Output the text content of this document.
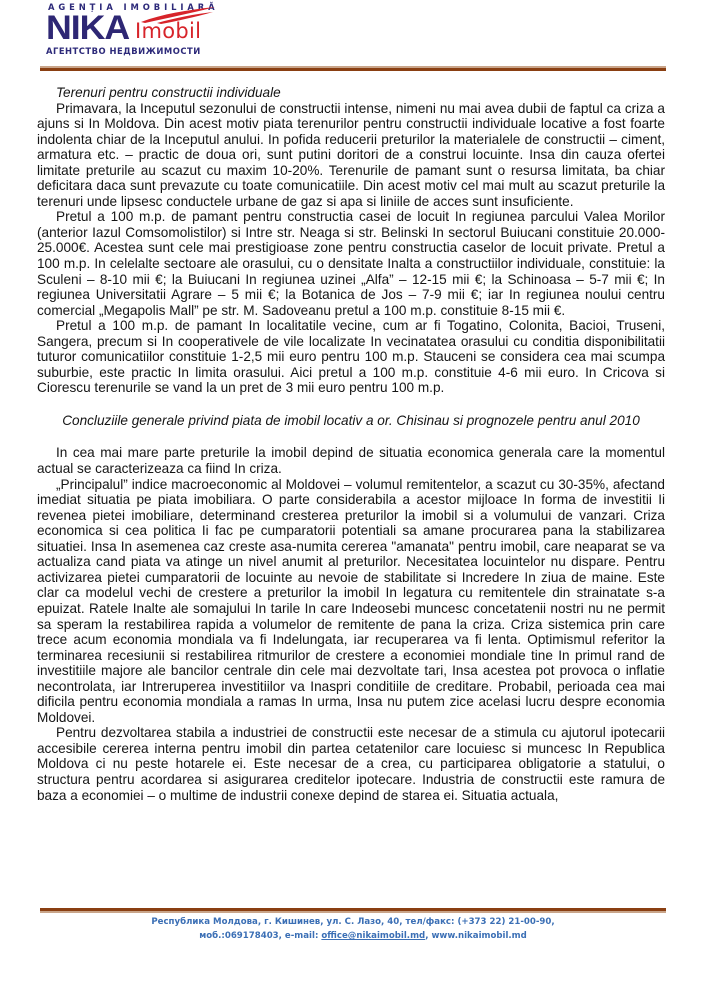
AGENȚIA IMOBILIARĂ
NIKA Imobil
АГЕНТСТВО НЕДВИЖИМОСТИ

Terenuri pentru constructii individuale

Primavara, la Inceputul sezonului de constructii intense, nimeni nu mai avea dubii de faptul ca criza a ajuns si In Moldova. Din acest motiv piata terenurilor pentru constructii individuale locative a fost foarte indolenta chiar de la Inceputul anului. In pofida reducerii preturilor la materialele de constructii – ciment, armatura etc. – practic de doua ori, sunt putini doritori de a construi locuinte. Insa din cauza ofertei limitate preturile au scazut cu maxim 10-20%. Terenurile de pamant sunt o resursa limitata, ba chiar deficitara daca sunt prevazute cu toate comunicatiile. Din acest motiv cel mai mult au scazut preturile la terenuri unde lipsesc conductele urbane de gaz si apa si liniile de acces sunt insuficiente.

Pretul a 100 m.p. de pamant pentru constructia casei de locuit In regiunea parcului Valea Morilor (anterior Iazul Comsomolistilor) si Intre str. Neaga si str. Belinski In sectorul Buiucani constituie 20.000- 25.000€. Acestea sunt cele mai prestigioase zone pentru constructia caselor de locuit private. Pretul a 100 m.p. In celelalte sectoare ale orasului, cu o densitate Inalta a constructiilor individuale, constituie: la Sculeni – 8-10 mii €; la Buiucani In regiunea uzinei „Alfa” – 12-15 mii €; la Schinoasa – 5-7 mii €; In regiunea Universitatii Agrare – 5 mii €; la Botanica de Jos – 7-9 mii €; iar In regiunea noului centru comercial „Megapolis Mall” pe str. M. Sadoveanu pretul a 100 m.p. constituie 8-15 mii €.

Pretul a 100 m.p. de pamant In localitatile vecine, cum ar fi Togatino, Colonita, Bacioi, Truseni, Sangera, precum si In cooperativele de vile localizate In vecinatatea orasului cu conditia disponibilitatii tuturor comunicatiilor constituie 1-2,5 mii euro pentru 100 m.p. Stauceni se considera cea mai scumpa suburbie, este practic In limita orasului. Aici pretul a 100 m.p. constituie 4-6 mii euro. In Cricova si Ciorescu terenurile se vand la un pret de 3 mii euro pentru 100 m.p.

Concluziile generale privind piata de imobil locativ a or. Chisinau si prognozele pentru anul 2010

In cea mai mare parte preturile la imobil depind de situatia economica generala care la momentul actual se caracterizeaza ca fiind In criza.

„Principalul” indice macroeconomic al Moldovei – volumul remitentelor, a scazut cu 30-35%, afectand imediat situatia pe piata imobiliara. O parte considerabila a acestor mijloace In forma de investitii Ii revenea pietei imobiliare, determinand cresterea preturilor la imobil si a volumului de vanzari. Criza economica si cea politica Ii fac pe cumparatorii potentiali sa amane procurarea pana la stabilizarea situatiei. Insa In asemenea caz creste asa-numita cererea "amanata" pentru imobil, care neaparat se va actualiza cand piata va atinge un nivel anumit al preturilor. Necesitatea locuintelor nu dispare. Pentru activizarea pietei cumparatorii de locuinte au nevoie de stabilitate si Incredere In ziua de maine. Este clar ca modelul vechi de crestere a preturilor la imobil In legatura cu remitentele din strainatate s-a epuizat. Ratele Inalte ale somajului In tarile In care Indeosebi muncesc concetatenii nostri nu ne permit sa speram la restabilirea rapida a volumelor de remitente de pana la criza. Criza sistemica prin care trece acum economia mondiala va fi Indelungata, iar recuperarea va fi lenta. Optimismul referitor la terminarea recesiunii si restabilirea ritmurilor de crestere a economiei mondiale tine In primul rand de investitiile majore ale bancilor centrale din cele mai dezvoltate tari, Insa acestea pot provoca o inflatie necontrolata, iar Intreruperea investitiilor va Inaspri conditiile de creditare. Probabil, perioada cea mai dificila pentru economia mondiala a ramas In urma, Insa nu putem zice acelasi lucru despre economia Moldovei.

Pentru dezvoltarea stabila a industriei de constructii este necesar de a stimula cu ajutorul ipotecarii accesibile cererea interna pentru imobil din partea cetatenilor care locuiesc si muncesc In Republica Moldova ci nu peste hotarele ei. Este necesar de a crea, cu participarea obligatorie a statului, o structura pentru acordarea si asigurarea creditelor ipotecare. Industria de constructii este ramura de baza a economiei – o multime de industrii conexe depind de starea ei. Situatia actuala,

Республика Молдова, г. Кишинев, ул. С. Лазо, 40, тел/факс: (+373 22) 21-00-90,
моб.:069178403, e-mail: office@nikaimobil.md, www.nikaimobil.md
